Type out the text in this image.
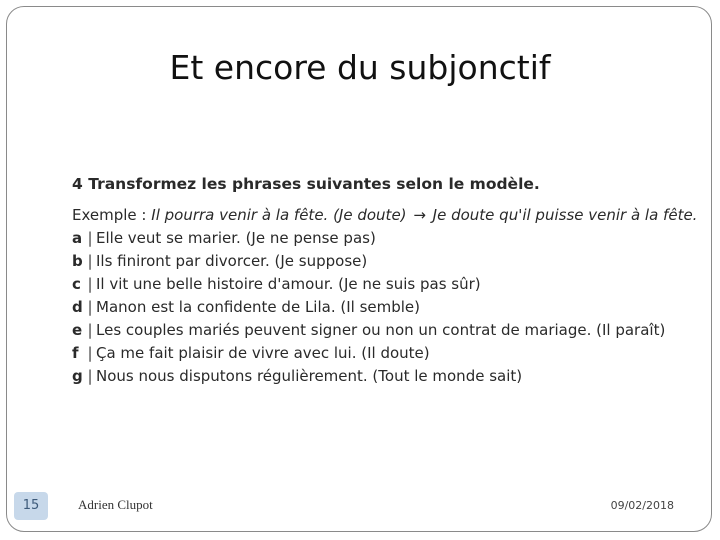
Et encore du subjonctif
4 Transformez les phrases suivantes selon le modèle.
Exemple : Il pourra venir à la fête. (Je doute) → Je doute qu'il puisse venir à la fête.
a | Elle veut se marier. (Je ne pense pas)
b | Ils finiront par divorcer. (Je suppose)
c | Il vit une belle histoire d'amour. (Je ne suis pas sûr)
d | Manon est la confidente de Lila. (Il semble)
e | Les couples mariés peuvent signer ou non un contrat de mariage. (Il paraît)
f | Ça me fait plaisir de vivre avec lui. (Il doute)
g | Nous nous disputons régulièrement. (Tout le monde sait)
15	Adrien Clupot	09/02/2018
